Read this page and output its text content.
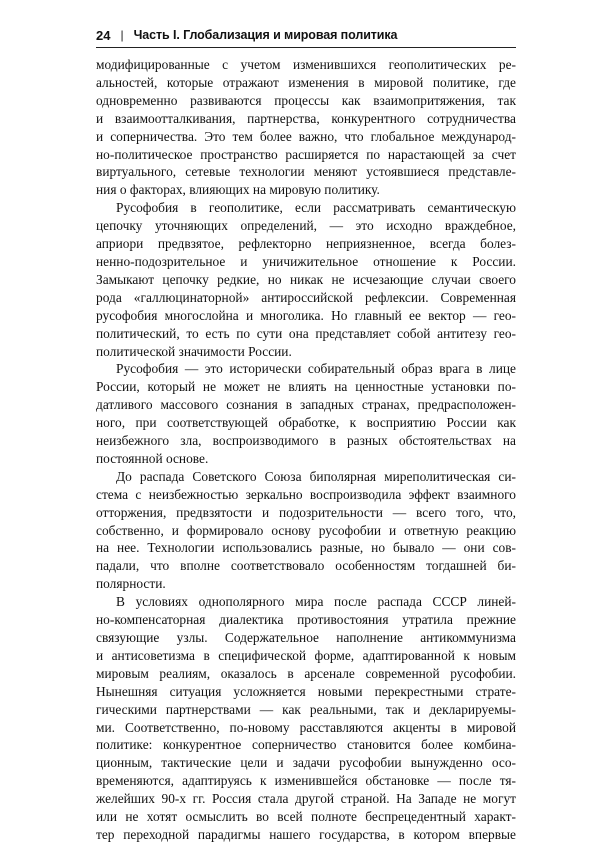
24 | Часть I. Глобализация и мировая политика
модифицированные с учетом изменившихся геополитических ре-
альностей, которые отражают изменения в мировой политике, где
одновременно развиваются процессы как взаимопритяжения, так
и взаимоотталкивания, партнерства, конкурентного сотрудничества
и соперничества. Это тем более важно, что глобальное международ-
но-политическое пространство расширяется по нарастающей за счет
виртуального, сетевые технологии меняют устоявшиеся представле-
ния о факторах, влияющих на мировую политику.
Русофобия в геополитике, если рассматривать семантическую
цепочку уточняющих определений, — это исходно враждебное,
априори предвзятое, рефлекторно неприязненное, всегда болез-
ненно-подозрительное и уничижительное отношение к России.
Замыкают цепочку редкие, но никак не исчезающие случаи своего
рода «галлюцинаторной» антироссийской рефлексии. Современная
русофобия многослойна и многолика. Но главный ее вектор — гео-
политический, то есть по сути она представляет собой антитезу гео-
политической значимости России.
Русофобия — это исторически собирательный образ врага в лице
России, который не может не влиять на ценностные установки по-
датливого массового сознания в западных странах, предрасположен-
ного, при соответствующей обработке, к восприятию России как
неизбежного зла, воспроизводимого в разных обстоятельствах на
постоянной основе.
До распада Советского Союза биполярная миреполитическая си-
стема с неизбежностью зеркально воспроизводила эффект взаимного
отторжения, предвзятости и подозрительности — всего того, что,
собственно, и формировало основу русофобии и ответную реакцию
на нее. Технологии использовались разные, но бывало — они сов-
падали, что вполне соответствовало особенностям тогдашней би-
полярности.
В условиях однополярного мира после распада СССР линей-
но-компенсаторная диалектика противостояния утратила прежние
связующие узлы. Содержательное наполнение антикоммунизма
и антисоветизма в специфической форме, адаптированной к новым
мировым реалиям, оказалось в арсенале современной русофобии.
Нынешняя ситуация усложняется новыми перекрестными страте-
гическими партнерствами — как реальными, так и декларируемы-
ми. Соответственно, по-новому расставляются акценты в мировой
политике: конкурентное соперничество становится более комбина-
ционным, тактические цели и задачи русофобии вынужденно осо-
временяются, адаптируясь к изменившейся обстановке — после тя-
желейших 90-х гг. Россия стала другой страной. На Западе не могут
или не хотят осмыслить во всей полноте беспрецедентный характ-
тер переходной парадигмы нашего государства, в котором впервые
